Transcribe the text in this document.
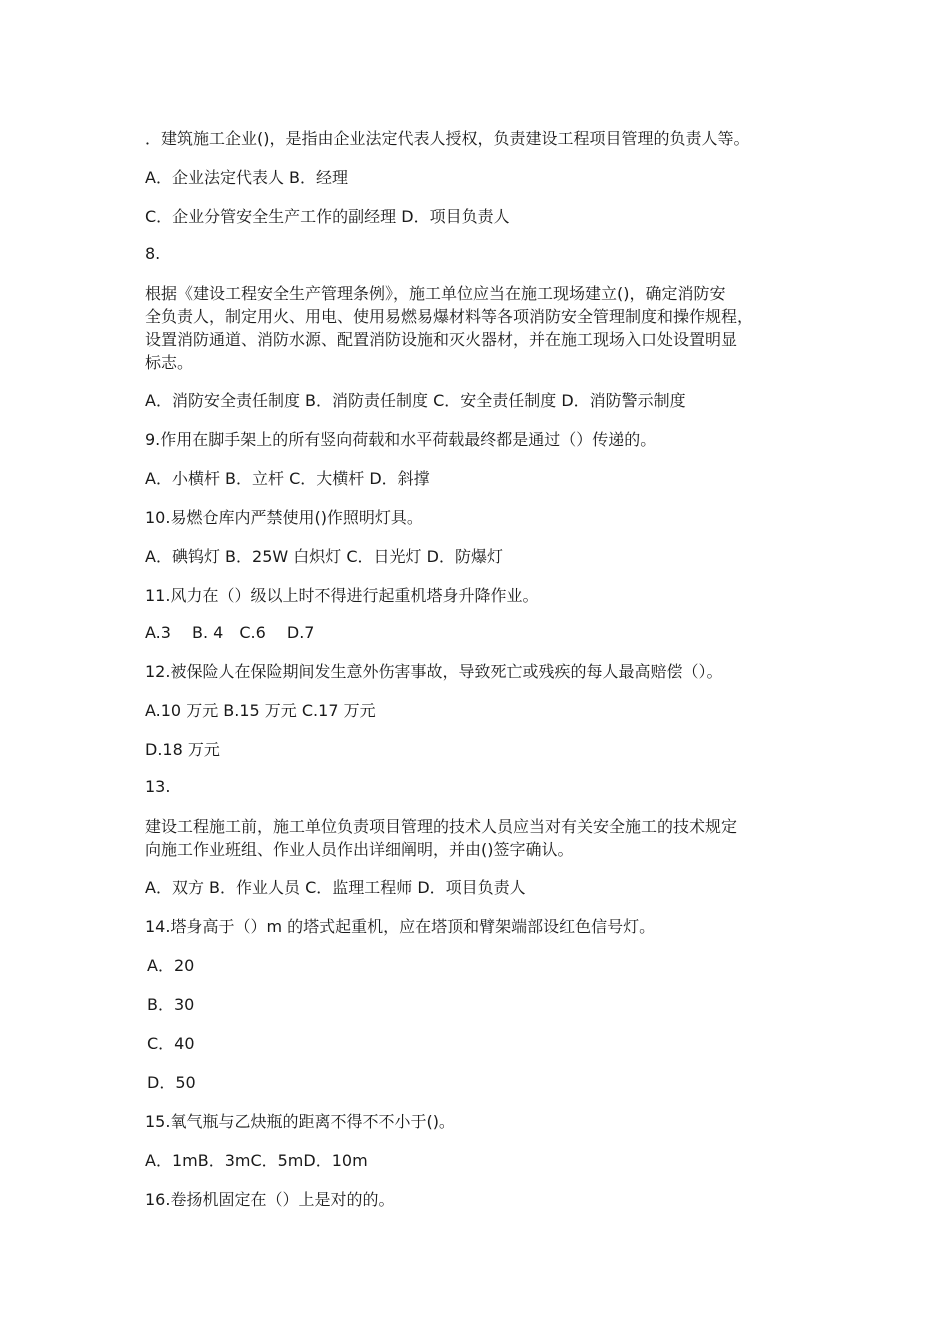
．建筑施工企业()，是指由企业法定代表人授权，负责建设工程项目管理的负责人等。
A．企业法定代表人 B．经理
C．企业分管安全生产工作的副经理 D．项目负责人
8.
根据《建设工程安全生产管理条例》，施工单位应当在施工现场建立()，确定消防安
全负责人，制定用火、用电、使用易燃易爆材料等各项消防安全管理制度和操作规程，
设置消防通道、消防水源、配置消防设施和灭火器材，并在施工现场入口处设置明显
标志。
A．消防安全责任制度 B．消防责任制度 C．安全责任制度 D．消防警示制度
9.作用在脚手架上的所有竖向荷载和水平荷载最终都是通过（）传递的。
A．小横杆 B．立杆 C．大横杆 D．斜撑
10.易燃仓库内严禁使用()作照明灯具。
A．碘钨灯 B．25W 白炽灯 C．日光灯 D．防爆灯
11.风力在（）级以上时不得进行起重机塔身升降作业。
A.3　 B. 4　C.6　 D.7
12.被保险人在保险期间发生意外伤害事故，导致死亡或残疾的每人最高赔偿（）。
A.10 万元 B.15 万元 C.17 万元
D.18 万元
13.
建设工程施工前，施工单位负责项目管理的技术人员应当对有关安全施工的技术规定
向施工作业班组、作业人员作出详细阐明，并由()签字确认。
A．双方 B．作业人员 C．监理工程师 D．项目负责人
14.塔身高于（）m 的塔式起重机，应在塔顶和臂架端部设红色信号灯。
A．20
B．30
C．40
D．50
15.氧气瓶与乙炔瓶的距离不得不不小于()。
A．1mB．3mC．5mD．10m
16.卷扬机固定在（）上是对的的。
